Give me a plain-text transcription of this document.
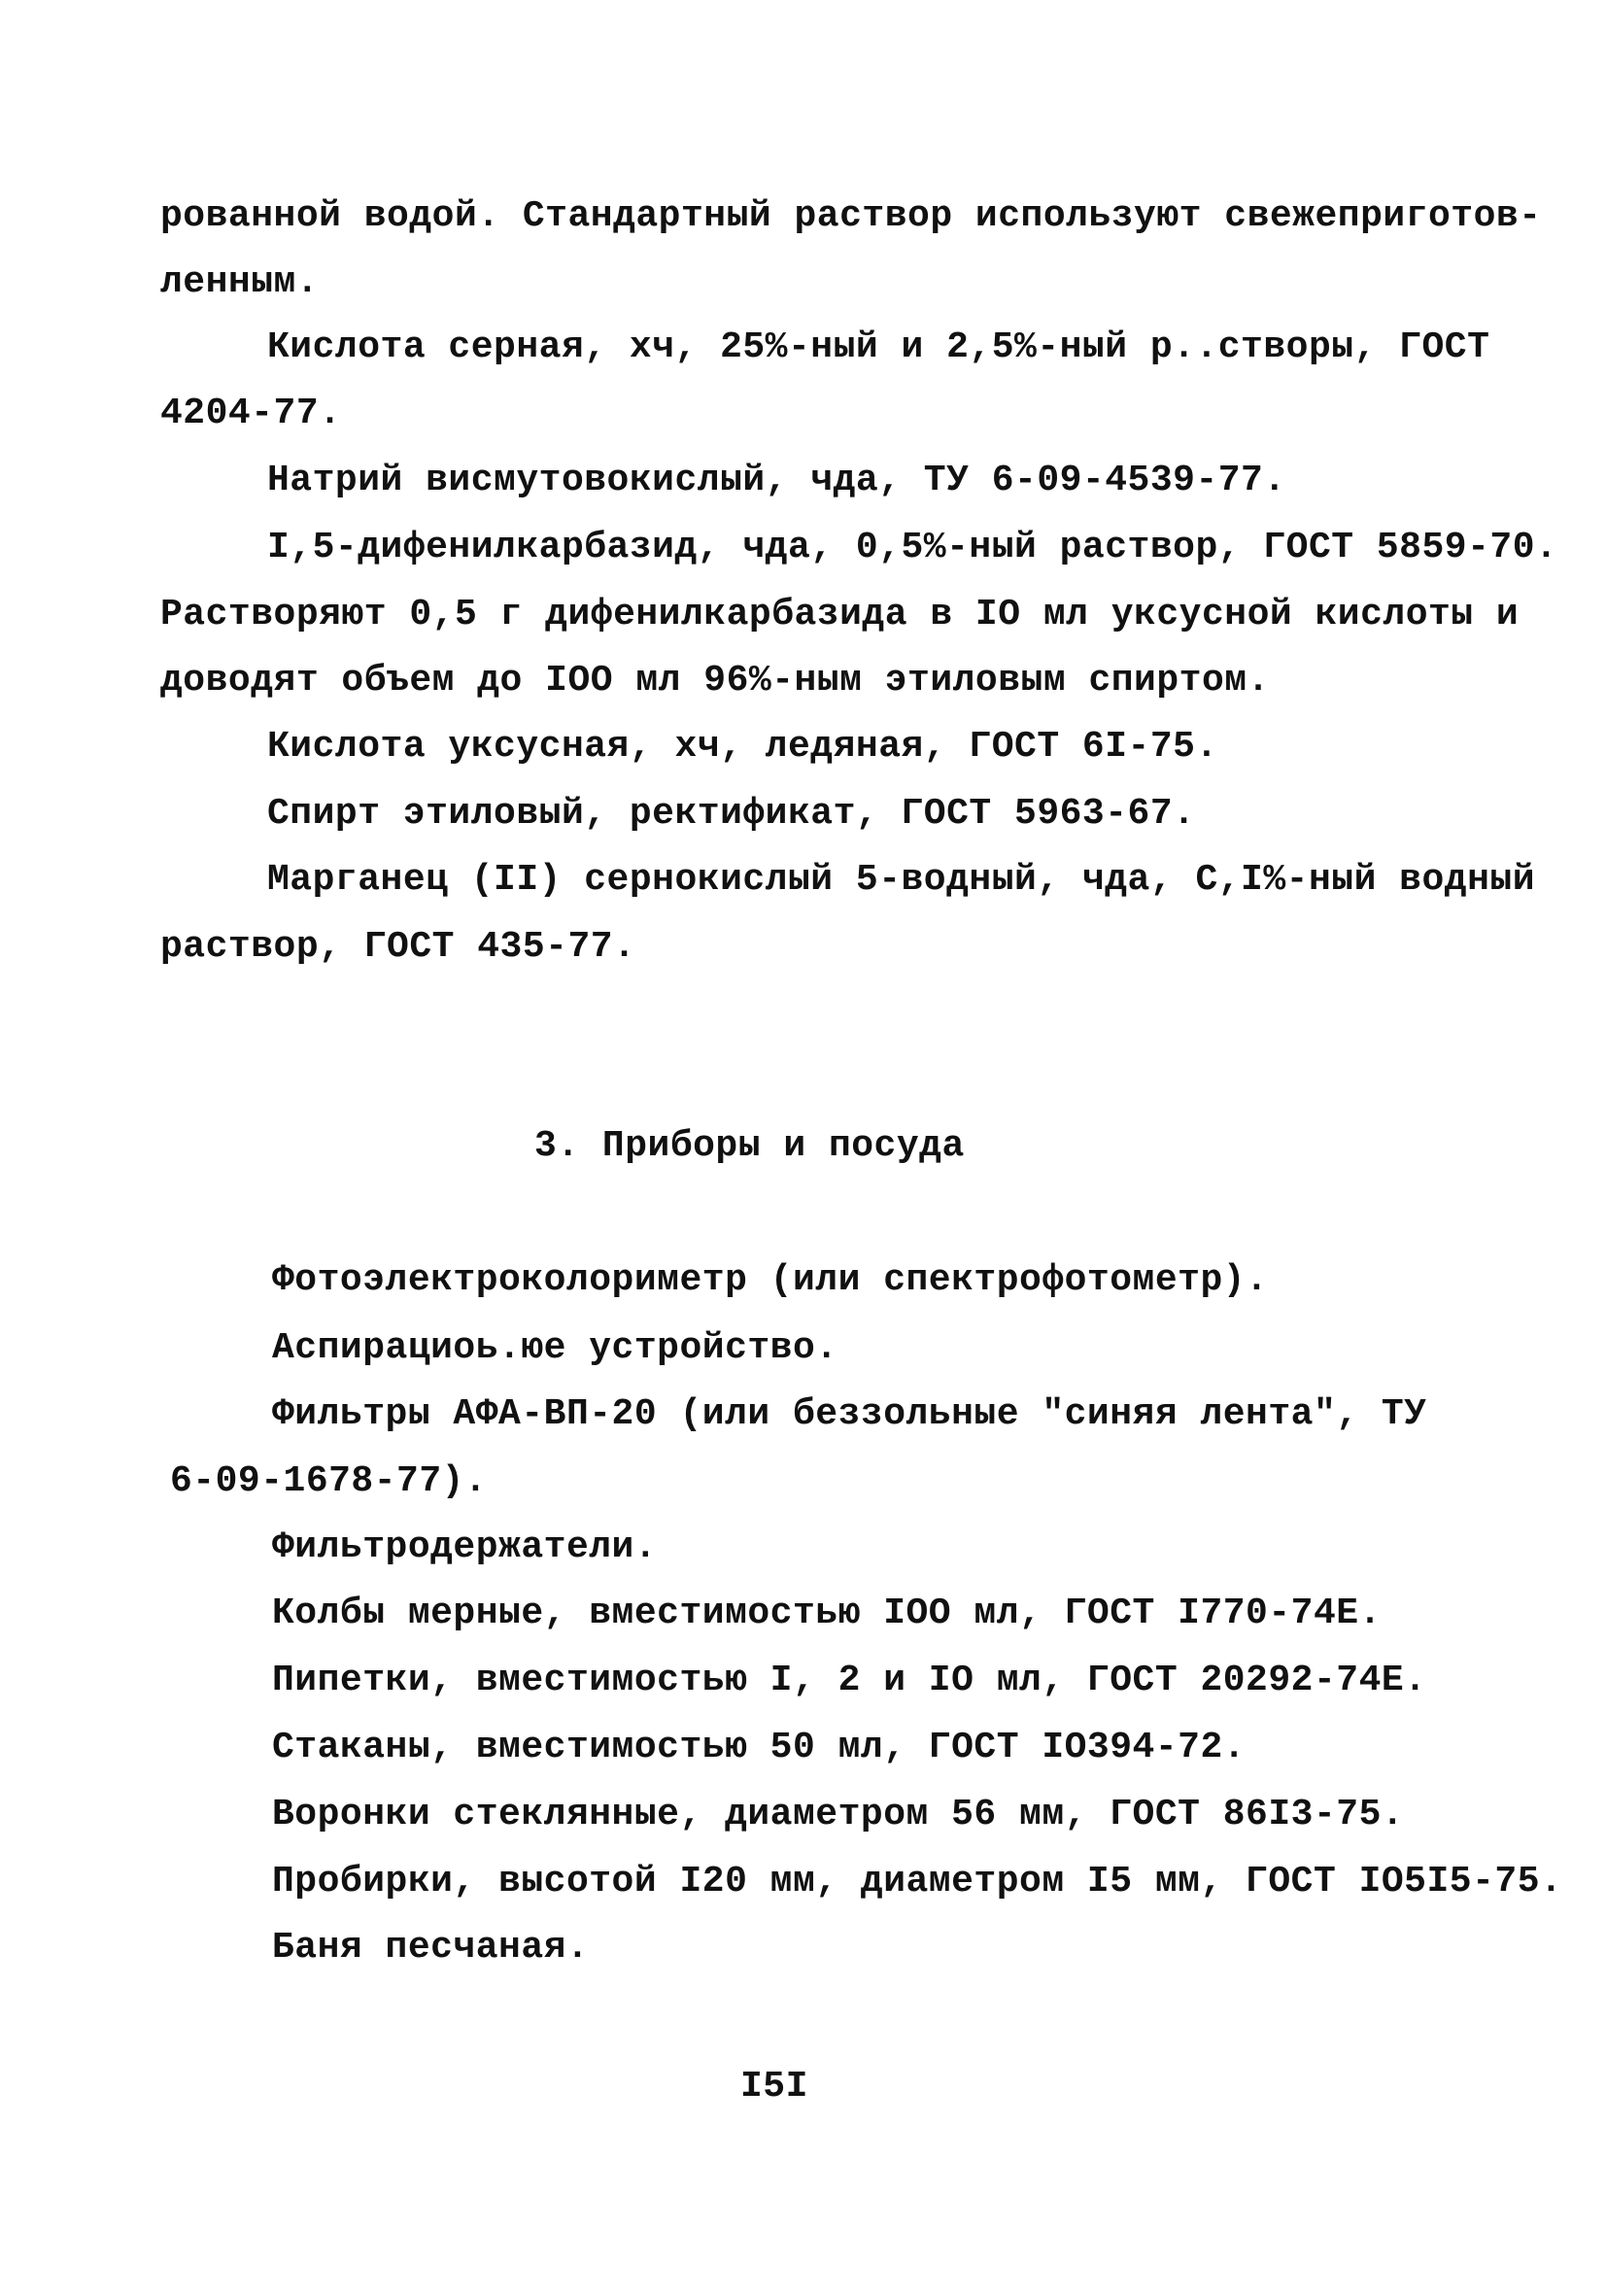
рованной водой. Стандартный раствор используют свежеприготов-
ленным.
Кислота серная, хч, 25%-ный и 2,5%-ный p..створы, ГОСТ
4204-77.
Натрий висмутовокислый, чда, ТУ 6-09-4539-77.
I,5-дифенилкарбазид, чда, 0,5%-ный раствор, ГОСТ 5859-70.
Растворяют 0,5 г дифенилкарбазида в IO мл уксусной кислоты и
доводят объем до IOO мл 96%-ным этиловым спиртом.
Кислота уксусная, хч, ледяная, ГОСТ 6I-75.
Спирт этиловый, ректификат, ГОСТ 5963-67.
Марганец (II) сернокислый 5-водный, чда, С,I%-ный водный
раствор, ГОСТ 435-77.
3. Приборы и посуда
Фотоэлектроколориметр (или спектрофотометр).
Аспирациоь.юе устройство.
Фильтры АФА-ВП-20 (или беззольные "синяя лента", ТУ
6-09-1678-77).
Фильтродержатели.
Колбы мерные, вместимостью IOO мл, ГОСТ I770-74Е.
Пипетки, вместимостью I, 2 и IO мл, ГОСТ 20292-74Е.
Стаканы, вместимостью 50 мл, ГОСТ IO394-72.
Воронки стеклянные, диаметром 56 мм, ГОСТ 86I3-75.
Пробирки, высотой I20 мм, диаметром I5 мм, ГОСТ IO5I5-75.
Баня песчаная.
I5I
